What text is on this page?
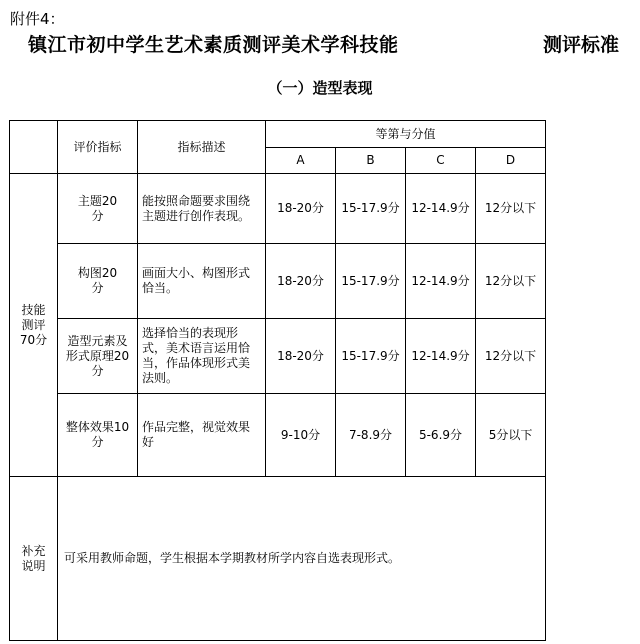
附件4：
镇江市初中学生艺术素质测评美术学科技能	测评标准
（一）造型表现
	评价指标	指标描述	等第与分值			
			A	B	C	D

技能测评70分	主题20分	能按照命题要求围绕主题进行创作表现。	18-20分	15-17.9分	12-14.9分	12分以下

	构图20分	画面大小、构图形式恰当。	18-20分	15-17.9分	12-14.9分	12分以下

	造型元素及形式原理20分	选择恰当的表现形式，美术语言运用恰当，作品体现形式美法则。	18-20分	15-17.9分	12-14.9分	12分以下

	整体效果10分	作品完整，视觉效果好	9-10分	7-8.9分	5-6.9分	5分以下

补充说明	可采用教师命题，学生根据本学期教材所学内容自选表现形式。					
